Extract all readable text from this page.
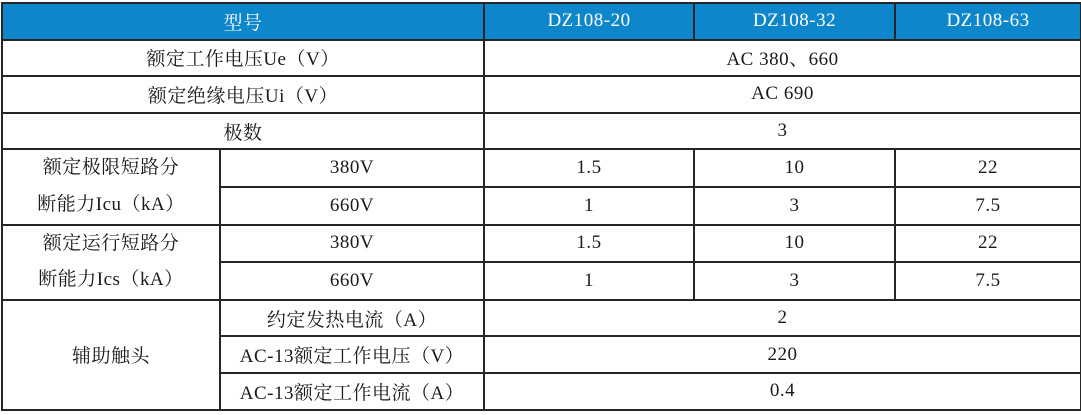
型号		DZ108-20	DZ108-32	DZ108-63
额定工作电压Ue（V）		AC 380、660		
额定绝缘电压Ui（V）		AC 690		
极数		3		
额定极限短路分
断能力Icu（kA）	380V	1.5	10	22
	660V	1	3	7.5
额定运行短路分
断能力Ics（kA）	380V	1.5	10	22
	660V	1	3	7.5
辅助触头	约定发热电流（A）	2		
	AC-13额定工作电压（V）	220		
	AC-13额定工作电流（A）	0.4		
